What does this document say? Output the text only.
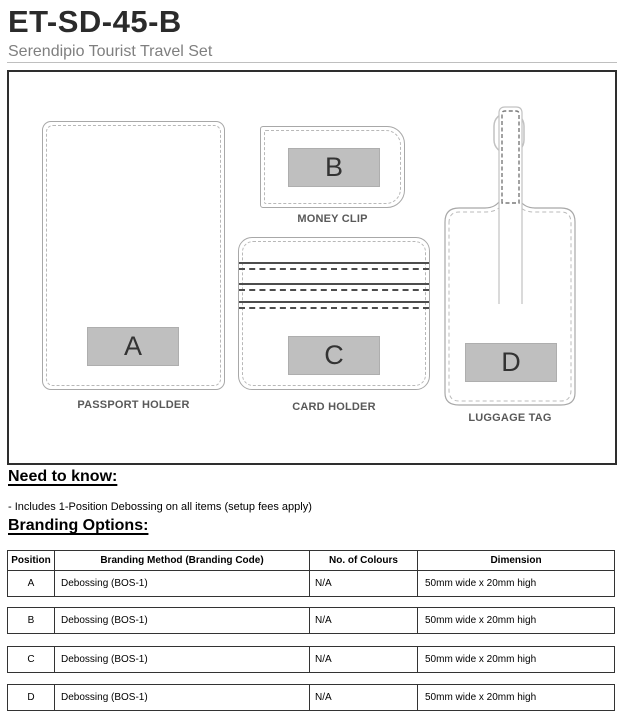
ET-SD-45-B
Serendipio Tourist Travel Set
A
PASSPORT HOLDER
B
MONEY CLIP
C
CARD HOLDER
D
LUGGAGE TAG
Need to know:
- Includes 1-Position Debossing on all items (setup fees apply)
Branding Options:
Position	Branding Method (Branding Code)	No. of Colours	Dimension
A	Debossing (BOS-1)	N/A	50mm wide x 20mm high
B	Debossing (BOS-1)	N/A	50mm wide x 20mm high
C	Debossing (BOS-1)	N/A	50mm wide x 20mm high
D	Debossing (BOS-1)	N/A	50mm wide x 20mm high
